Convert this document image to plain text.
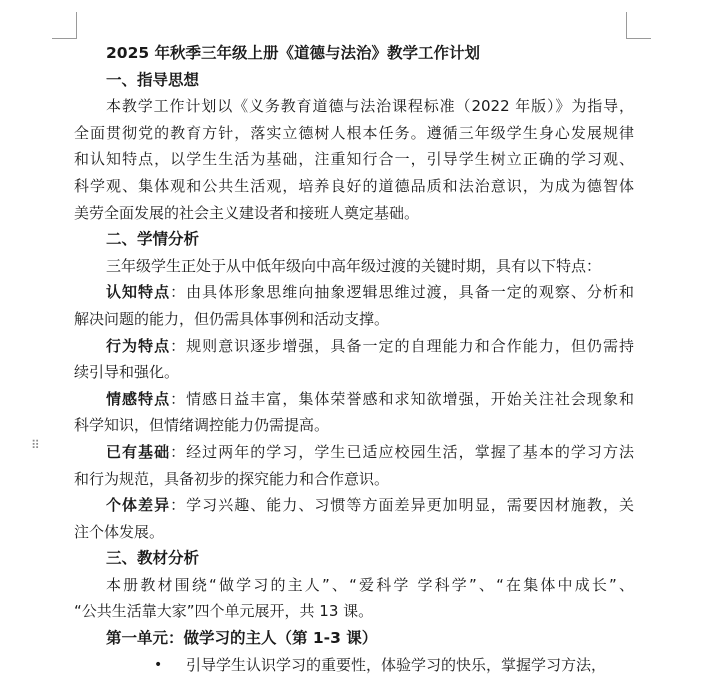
⠿
2025 年秋季三年级上册《道德与法治》教学工作计划
一、指导思想
本教学工作计划以《义务教育道德与法治课程标准（2022 年版）》为指导，
全面贯彻党的教育方针，落实立德树人根本任务。遵循三年级学生身心发展规律
和认知特点，以学生生活为基础，注重知行合一，引导学生树立正确的学习观、
科学观、集体观和公共生活观，培养良好的道德品质和法治意识，为成为德智体
美劳全面发展的社会主义建设者和接班人奠定基础。
二、学情分析
三年级学生正处于从中低年级向中高年级过渡的关键时期，具有以下特点：
认知特点：由具体形象思维向抽象逻辑思维过渡，具备一定的观察、分析和
解决问题的能力，但仍需具体事例和活动支撑。
行为特点：规则意识逐步增强，具备一定的自理能力和合作能力，但仍需持
续引导和强化。
情感特点：情感日益丰富，集体荣誉感和求知欲增强，开始关注社会现象和
科学知识，但情绪调控能力仍需提高。
已有基础：经过两年的学习，学生已适应校园生活，掌握了基本的学习方法
和行为规范，具备初步的探究能力和合作意识。
个体差异：学习兴趣、能力、习惯等方面差异更加明显，需要因材施教，关
注个体发展。
三、教材分析
本册教材围绕“做学习的主人”、“爱科学 学科学”、“在集体中成长”、
“公共生活靠大家”四个单元展开，共 13 课。
第一单元：做学习的主人（第 1-3 课）
• 引导学生认识学习的重要性，体验学习的快乐，掌握学习方法，
